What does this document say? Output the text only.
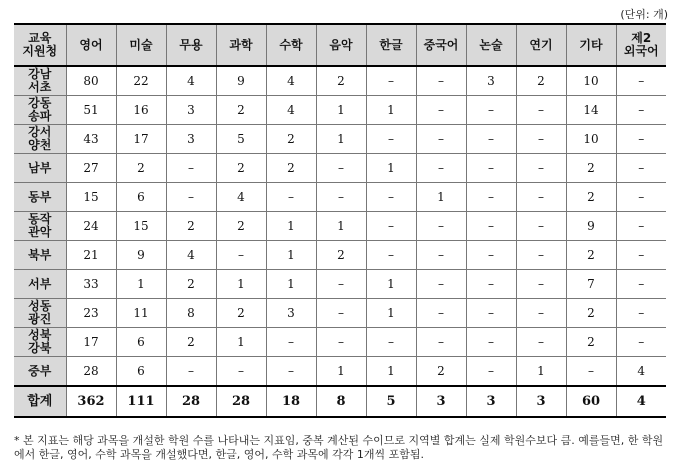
(단위: 개)
교육
지원청	영어	미술	무용	과학	수학	음악	한글	중국어	논술	연기	기타	제2
외국어
강남
서초	80	22	4	9	4	2	–	–	3	2	10	–
강동
송파	51	16	3	2	4	1	1	–	–	–	14	–
강서
양천	43	17	3	5	2	1	–	–	–	–	10	–
남부	27	2	–	2	2	–	1	–	–	–	2	–
동부	15	6	–	4	–	–	–	1	–	–	2	–
동작
관악	24	15	2	2	1	1	–	–	–	–	9	–
북부	21	9	4	–	1	2	–	–	–	–	2	–
서부	33	1	2	1	1	–	1	–	–	–	7	–
성동
광진	23	11	8	2	3	–	1	–	–	–	2	–
성북
강북	17	6	2	1	–	–	–	–	–	–	2	–
중부	28	6	–	–	–	1	1	2	–	1	–	4
합계	362	111	28	28	18	8	5	3	3	3	60	4
* 본 지표는 해당 과목을 개설한 학원 수를 나타내는 지표임, 중복 계산된 수이므로 지역별 합계는 실제 학원수보다 큼. 예를들면, 한 학원에서 한글, 영어, 수학 과목을 개설했다면, 한글, 영어, 수학 과목에 각각 1개씩 포함됨.
